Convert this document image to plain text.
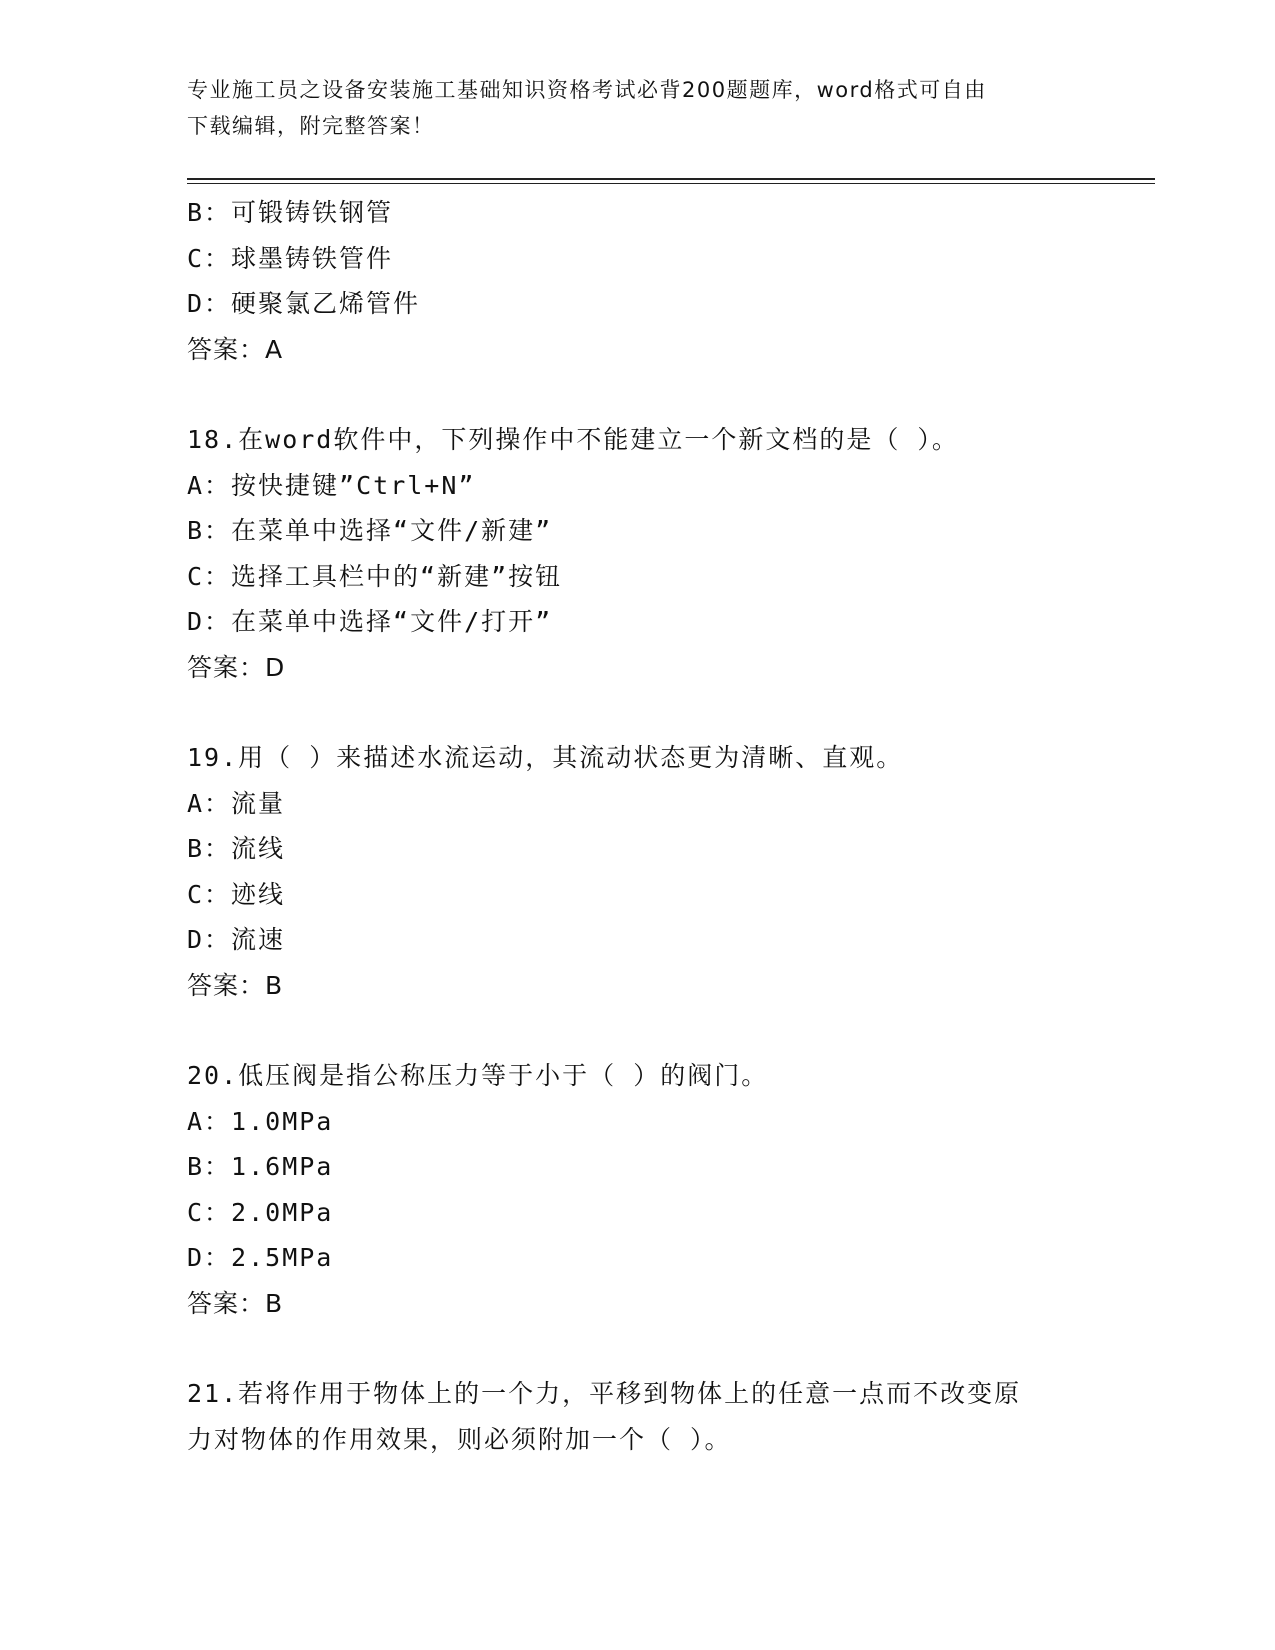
专业施工员之设备安装施工基础知识资格考试必背200题题库，word格式可自由
下载编辑，附完整答案！
B：可锻铸铁钢管
C：球墨铸铁管件
D：硬聚氯乙烯管件
答案：A
18.在word软件中，下列操作中不能建立一个新文档的是（ ）。
A：按快捷键”Ctrl+N”
B：在菜单中选择“文件/新建”
C：选择工具栏中的“新建”按钮
D：在菜单中选择“文件/打开”
答案：D
19.用（ ）来描述水流运动，其流动状态更为清晰、直观。
A：流量
B：流线
C：迹线
D：流速
答案：B
20.低压阀是指公称压力等于小于（ ）的阀门。
A：1.0MPa
B：1.6MPa
C：2.0MPa
D：2.5MPa
答案：B
21.若将作用于物体上的一个力，平移到物体上的任意一点而不改变原
力对物体的作用效果，则必须附加一个（ ）。
